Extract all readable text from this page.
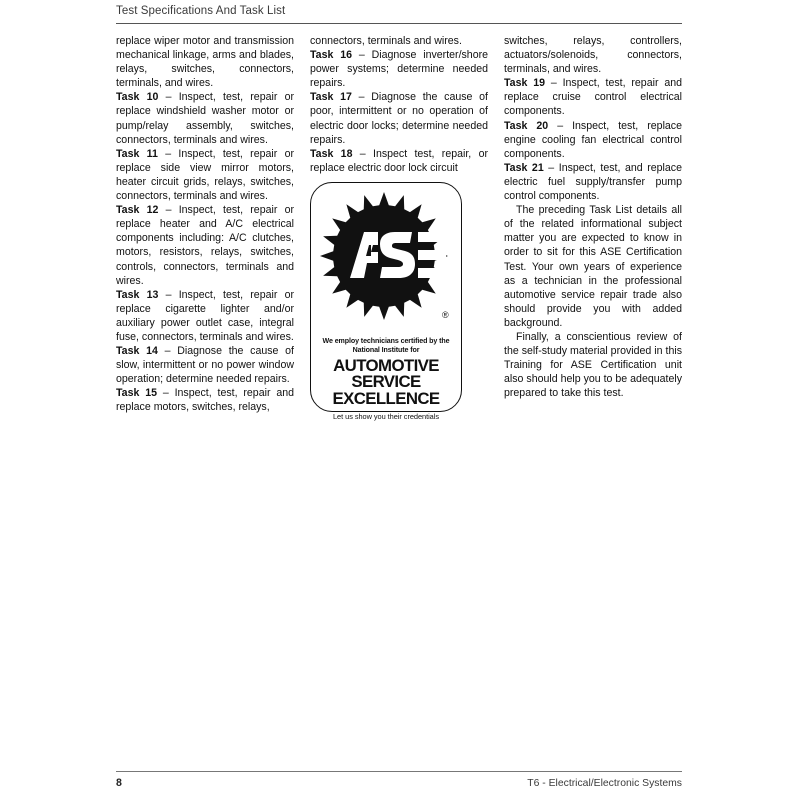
Test Specifications And Task List

replace wiper motor and transmission mechanical linkage, arms and blades, relays, switches, connectors, terminals, and wires.

Task 10 – Inspect, test, repair or replace windshield washer motor or pump/relay assembly, switches, connectors, terminals and wires.

Task 11 – Inspect, test, repair or replace side view mirror motors, heater circuit grids, relays, switches, connectors, terminals and wires.

Task 12 – Inspect, test, repair or replace heater and A/C electrical components including: A/C clutches, motors, resistors, relays, switches, controls, connectors, terminals and wires.

Task 13 – Inspect, test, repair or replace cigarette lighter and/or auxiliary power outlet case, integral fuse, connectors, terminals and wires.

Task 14 – Diagnose the cause of slow, intermittent or no power window operation; determine needed repairs.

Task 15 – Inspect, test, repair and replace motors, switches, relays,

connectors, terminals and wires.

Task 16 – Diagnose inverter/shore power systems; determine needed repairs.

Task 17 – Diagnose the cause of poor, intermittent or no operation of electric door locks; determine needed repairs.

Task 18 – Inspect test, repair, or replace electric door lock circuit

®
We employ technicians certified by the
National Institute for
AUTOMOTIVE
SERVICE
EXCELLENCE
Let us show you their credentials

switches, relays, controllers, actuators/solenoids, connectors, terminals, and wires.

Task 19 – Inspect, test, repair and replace cruise control electrical components.

Task 20 – Inspect, test, replace engine cooling fan electrical control components.

Task 21 – Inspect, test, and replace electric fuel supply/transfer pump control components.

The preceding Task List details all of the related informational subject matter you are expected to know in order to sit for this ASE Certification Test. Your own years of experience as a technician in the professional automotive service repair trade also should provide you with added background.

Finally, a conscientious review of the self-study material provided in this Training for ASE Certification unit also should help you to be adequately prepared to take this test.

8	T6 - Electrical/Electronic Systems
